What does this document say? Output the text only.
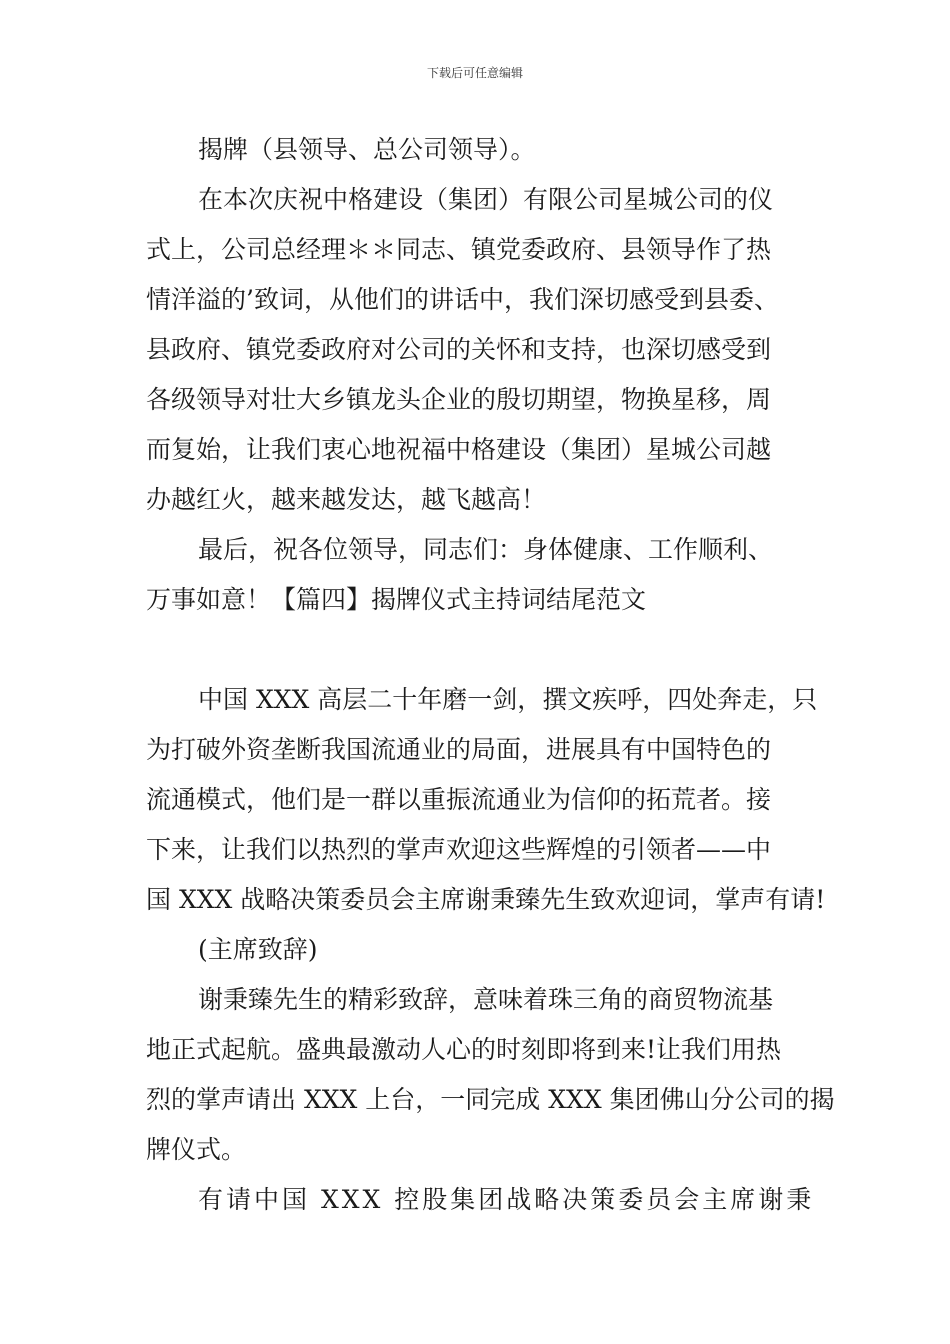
下载后可任意编辑
揭牌（县领导、总公司领导）。
在本次庆祝中格建设（集团）有限公司星城公司的仪
式上，公司总经理＊＊同志、镇党委政府、县领导作了热
情洋溢的’致词，从他们的讲话中，我们深切感受到县委、
县政府、镇党委政府对公司的关怀和支持，也深切感受到
各级领导对壮大乡镇龙头企业的殷切期望，物换星移，周
而复始，让我们衷心地祝福中格建设（集团）星城公司越
办越红火，越来越发达，越飞越高！
最后，祝各位领导，同志们：身体健康、工作顺利、
万事如意！【篇四】揭牌仪式主持词结尾范文
中国 XXX 高层二十年磨一剑，撰文疾呼，四处奔走，只
为打破外资垄断我国流通业的局面，进展具有中国特色的
流通模式，他们是一群以重振流通业为信仰的拓荒者。接
下来，让我们以热烈的掌声欢迎这些辉煌的引领者——中
国 XXX 战略决策委员会主席谢秉臻先生致欢迎词，掌声有请!
(主席致辞)
谢秉臻先生的精彩致辞，意味着珠三角的商贸物流基
地正式起航。盛典最激动人心的时刻即将到来!让我们用热
烈的掌声请出 XXX 上台，一同完成 XXX 集团佛山分公司的揭
牌仪式。
有请中国 XXX 控股集团战略决策委员会主席谢秉
